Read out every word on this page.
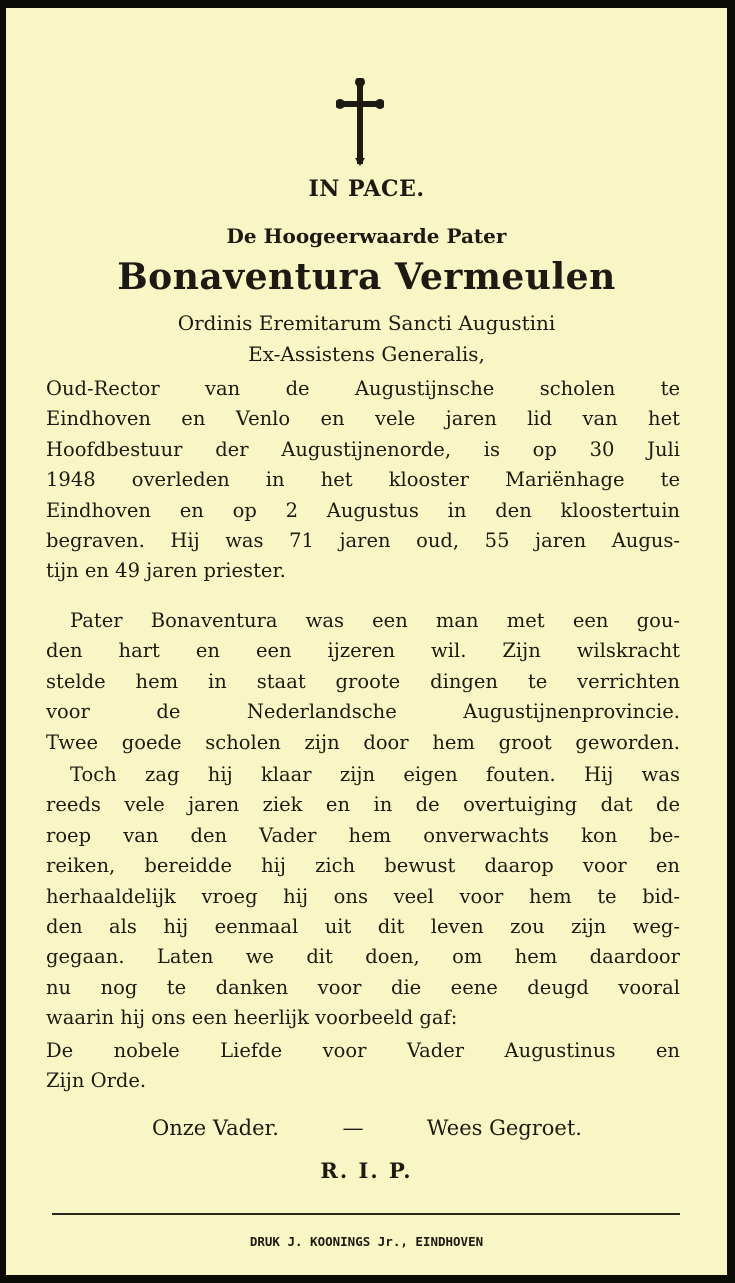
IN PACE.
De Hoogeerwaarde Pater
Bonaventura Vermeulen
Ordinis Eremitarum Sancti Augustini
Ex-Assistens Generalis,

Oud-Rector van de Augustijnsche scholen te
Eindhoven en Venlo en vele jaren lid van het
Hoofdbestuur der Augustijnenorde, is op 30 Juli
1948 overleden in het klooster Mariënhage te
Eindhoven en op 2 Augustus in den kloostertuin
begraven. Hij was 71 jaren oud, 55 jaren Augus-
tijn en 49 jaren priester.

Pater Bonaventura was een man met een gou-
den hart en een ijzeren wil. Zijn wilskracht
stelde hem in staat groote dingen te verrichten
voor de Nederlandsche Augustijnenprovincie.
Twee goede scholen zijn door hem groot geworden.

Toch zag hij klaar zijn eigen fouten. Hij was
reeds vele jaren ziek en in de overtuiging dat de
roep van den Vader hem onverwachts kon be-
reiken, bereidde hij zich bewust daarop voor en
herhaaldelijk vroeg hij ons veel voor hem te bid-
den als hij eenmaal uit dit leven zou zijn weg-
gegaan. Laten we dit doen, om hem daardoor
nu nog te danken voor die eene deugd vooral
waarin hij ons een heerlijk voorbeeld gaf:

De nobele Liefde voor Vader Augustinus en
Zijn Orde.

Onze Vader.	—	Wees Gegroet.
R. I. P.
DRUK J. KOONINGS Jr., EINDHOVEN
